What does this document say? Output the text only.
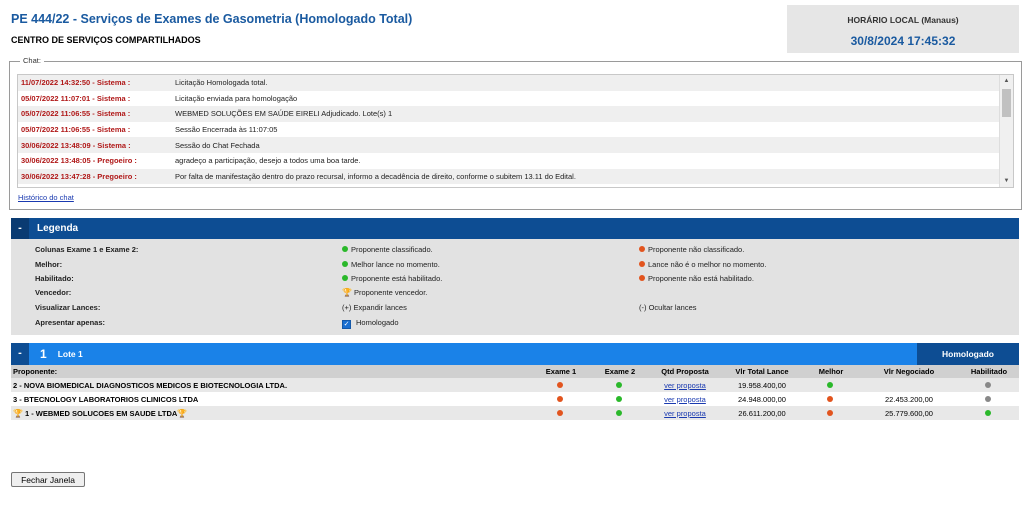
PE 444/22 - Serviços de Exames de Gasometria (Homologado Total)
CENTRO DE SERVIÇOS COMPARTILHADOS
HORÁRIO LOCAL (Manaus)
30/8/2024 17:45:32
Chat:
11/07/2022 14:32:50 - Sistema :	Licitação Homologada total.
05/07/2022 11:07:01 - Sistema :	Licitação enviada para homologação
05/07/2022 11:06:55 - Sistema :	WEBMED SOLUÇÕES EM SAÚDE EIRELI Adjudicado. Lote(s) 1
05/07/2022 11:06:55 - Sistema :	Sessão Encerrada às 11:07:05
30/06/2022 13:48:09 - Sistema :	Sessão do Chat Fechada
30/06/2022 13:48:05 - Pregoeiro :	agradeço a participação, desejo a todos uma boa tarde.
30/06/2022 13:47:28 - Pregoeiro :	Por falta de manifestação dentro do prazo recursal, informo a decadência de direito, conforme o subitem 13.11 do Edital.
▲
▼
Histórico do chat
-	Legenda
Colunas Exame 1 e Exame 2:	Proponente classificado.	Proponente não classificado.
Melhor:	Melhor lance no momento.	Lance não é o melhor no momento.
Habilitado:	Proponente está habilitado.	Proponente não está habilitado.
Vencedor:	🏆 Proponente vencedor.
Visualizar Lances:	(+) Expandir lances	(-) Ocultar lances
Apresentar apenas:	✓ Homologado
-	1 Lote 1	Homologado
Proponente:	Exame 1	Exame 2	Qtd Proposta	Vlr Total Lance	Melhor	Vlr Negociado	Habilitado
2 - NOVA BIOMEDICAL DIAGNOSTICOS MEDICOS E BIOTECNOLOGIA LTDA.			ver proposta	19.958.400,00			
3 - BTECNOLOGY LABORATORIOS CLINICOS LTDA			ver proposta	24.948.000,00		22.453.200,00	
🏆 1 - WEBMED SOLUCOES EM SAUDE LTDA🏆			ver proposta	26.611.200,00		25.779.600,00	
Fechar Janela
